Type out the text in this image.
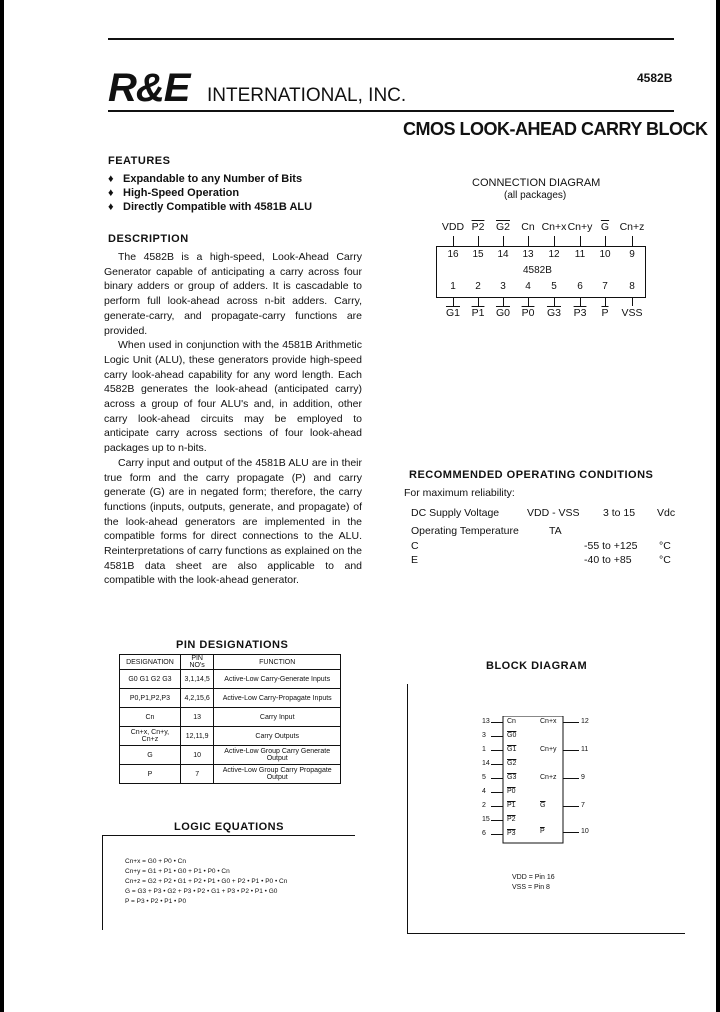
R&E INTERNATIONAL, INC.
4582B
CMOS LOOK-AHEAD CARRY BLOCK
FEATURES
DESCRIPTION

The 4582B is a high-speed, Look-Ahead Carry Generator capable of anticipating a carry across four binary adders or group of adders. It is cascadable to perform full look-ahead across n-bit adders. Carry, generate-carry, and propagate-carry functions are provided.

When used in conjunction with the 4581B Arithmetic Logic Unit (ALU), these generators provide high-speed carry look-ahead capability for any word length. Each 4582B generates the look-ahead (anticipated carry) across a group of four ALU's and, in addition, other carry look-ahead circuits may be employed to anticipate carry across sections of four look-ahead packages up to n-bits.

Carry input and output of the 4581B ALU are in their true form and the carry propagate (P) and carry generate (G) are in negated form; therefore, the carry functions (inputs, outputs, generate, and propagate) of the look-ahead generators are implemented in the compatible forms for direct connections to the ALU. Reinterpretations of carry functions as explained on the 4581B data sheet are also applicable to and compatible with the look-ahead generator.

CONNECTION DIAGRAM
(all packages)
4582B
RECOMMENDED OPERATING CONDITIONS
For maximum reliability:
PIN DESIGNATIONS
DESIGNATION	PIN NO's	FUNCTION
G0 G1 G2 G3	3,1,14,5	Active-Low Carry-Generate Inputs
P0,P1,P2,P3	4,2,15,6	Active-Low Carry-Propagate Inputs
Cn	13	Carry Input
Cn+x, Cn+y, Cn+z	12,11,9	Carry Outputs
G	10	Active-Low Group Carry Generate Output
P	7	Active-Low Group Carry Propagate Output
LOGIC EQUATIONS
Cn+x = G0 + P0 • Cn
Cn+y = G1 + P1 • G0 + P1 • P0 • Cn
Cn+z = G2 + P2 • G1 + P2 • P1 • G0 + P2 • P1 • P0 • Cn
G = G3 + P3 • G2 + P3 • P2 • G1 + P3 • P2 • P1 • G0
P = P3 • P2 • P1 • P0
BLOCK DIAGRAM
♦ Expandable to any Number of Bits
♦ High-Speed Operation
♦ Directly Compatible with 4581B ALU
VDD
16
P2
15
G2
14
Cn
13
Cn+x
12
Cn+y
11
$\overline{G}$
10
Cn+z
9
1
G1
2
P1
3
G0
4
P0
5
G3
6
P3
7
$\overline{P}$
8
VSS
DC Supply Voltage	VDD - VSS 3 to 15 Vdc
Operating Temperature	TA
C	-55 to +125 °C
E	-40 to +85	°C
13 Cn
3	G0
1	G1
14 G2
5	G3
4	P0
2	P1
15 P2
6	P3
Cn+x	12
Cn+y	11
Cn+z	9
$\overline{G}$	7
$\overline{P}$	10
VDD = Pin 16
VSS = Pin 8
